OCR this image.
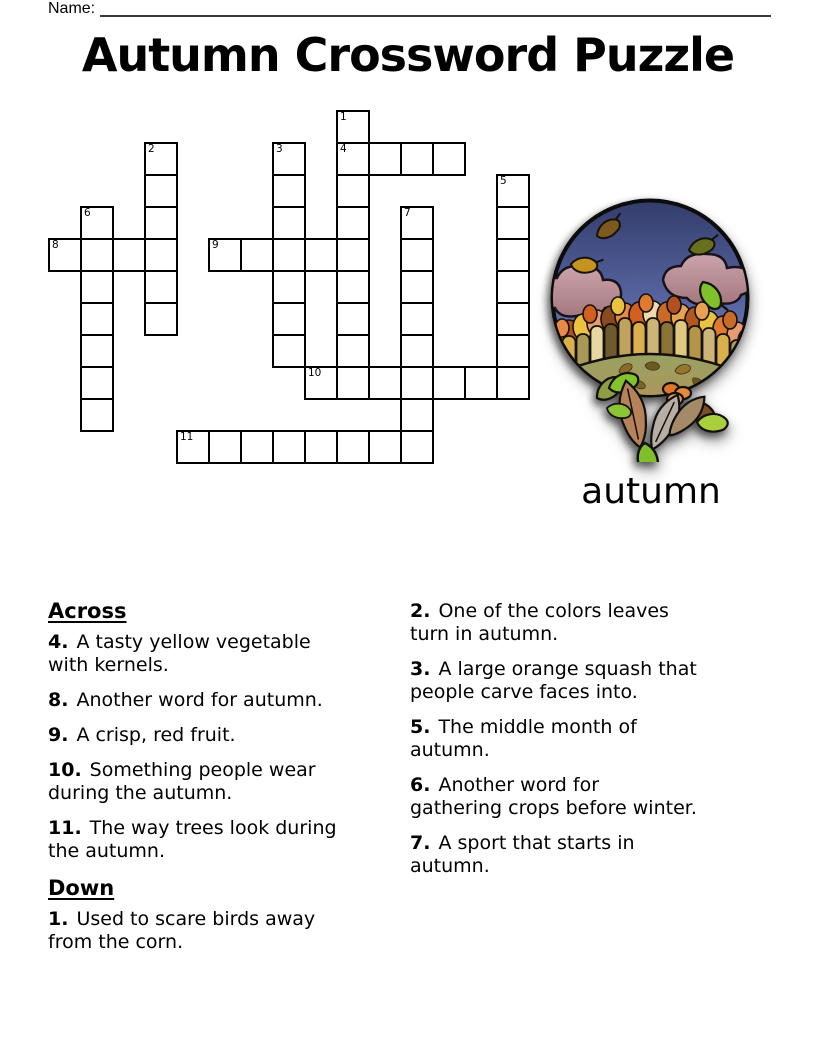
Name:
Autumn Crossword Puzzle
1
2	3	4
5
6	7
8	9
10
11
autumn
Across

4. A tasty yellow vegetable
with kernels.

8. Another word for autumn.

9. A crisp, red fruit.

10. Something people wear
during the autumn.

11. The way trees look during
the autumn.

Down

1. Used to scare birds away
from the corn.

2. One of the colors leaves
turn in autumn.

3. A large orange squash that
people carve faces into.

5. The middle month of
autumn.

6. Another word for
gathering crops before winter.

7. A sport that starts in
autumn.
